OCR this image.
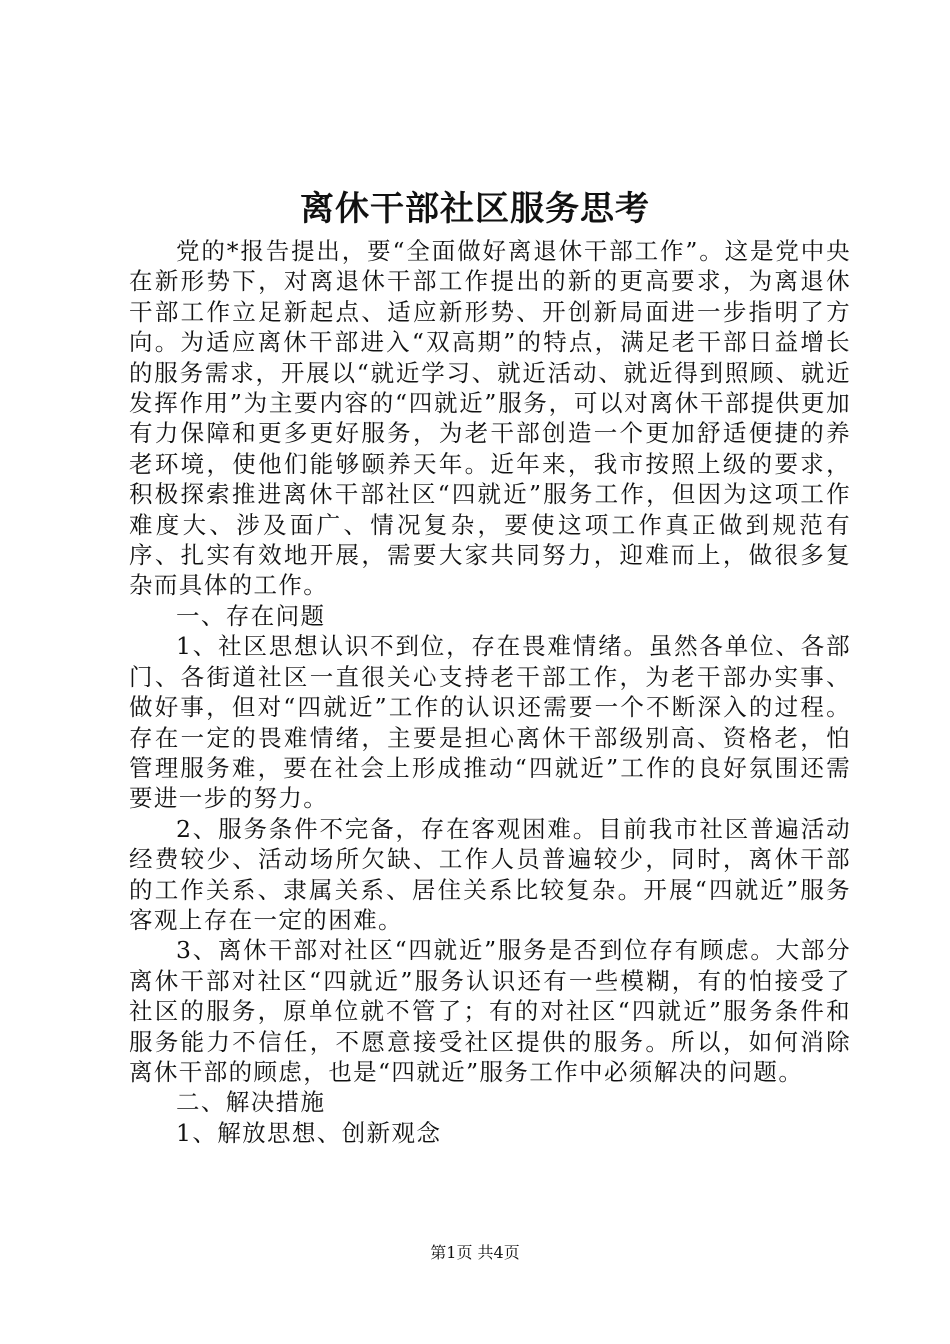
离休干部社区服务思考

党的*报告提出，要“全面做好离退休干部工作”。这是党中央在新形势下，对离退休干部工作提出的新的更高要求，为离退休干部工作立足新起点、适应新形势、开创新局面进一步指明了方向。为适应离休干部进入“双高期”的特点，满足老干部日益增长的服务需求，开展以“就近学习、就近活动、就近得到照顾、就近发挥作用”为主要内容的“四就近”服务，可以对离休干部提供更加有力保障和更多更好服务，为老干部创造一个更加舒适便捷的养老环境，使他们能够颐养天年。近年来，我市按照上级的要求，积极探索推进离休干部社区“四就近”服务工作，但因为这项工作难度大、涉及面广、情况复杂，要使这项工作真正做到规范有序、扎实有效地开展，需要大家共同努力，迎难而上，做很多复杂而具体的工作。

一、存在问题

1、社区思想认识不到位，存在畏难情绪。虽然各单位、各部门、各街道社区一直很关心支持老干部工作，为老干部办实事、做好事，但对“四就近”工作的认识还需要一个不断深入的过程。存在一定的畏难情绪，主要是担心离休干部级别高、资格老，怕管理服务难，要在社会上形成推动“四就近”工作的良好氛围还需要进一步的努力。

2、服务条件不完备，存在客观困难。目前我市社区普遍活动经费较少、活动场所欠缺、工作人员普遍较少，同时，离休干部的工作关系、隶属关系、居住关系比较复杂。开展“四就近”服务客观上存在一定的困难。

3、离休干部对社区“四就近”服务是否到位存有顾虑。大部分离休干部对社区“四就近”服务认识还有一些模糊，有的怕接受了社区的服务，原单位就不管了；有的对社区“四就近”服务条件和服务能力不信任，不愿意接受社区提供的服务。所以，如何消除离休干部的顾虑，也是“四就近”服务工作中必须解决的问题。

二、解决措施

1、解放思想、创新观念

第1页 共4页
